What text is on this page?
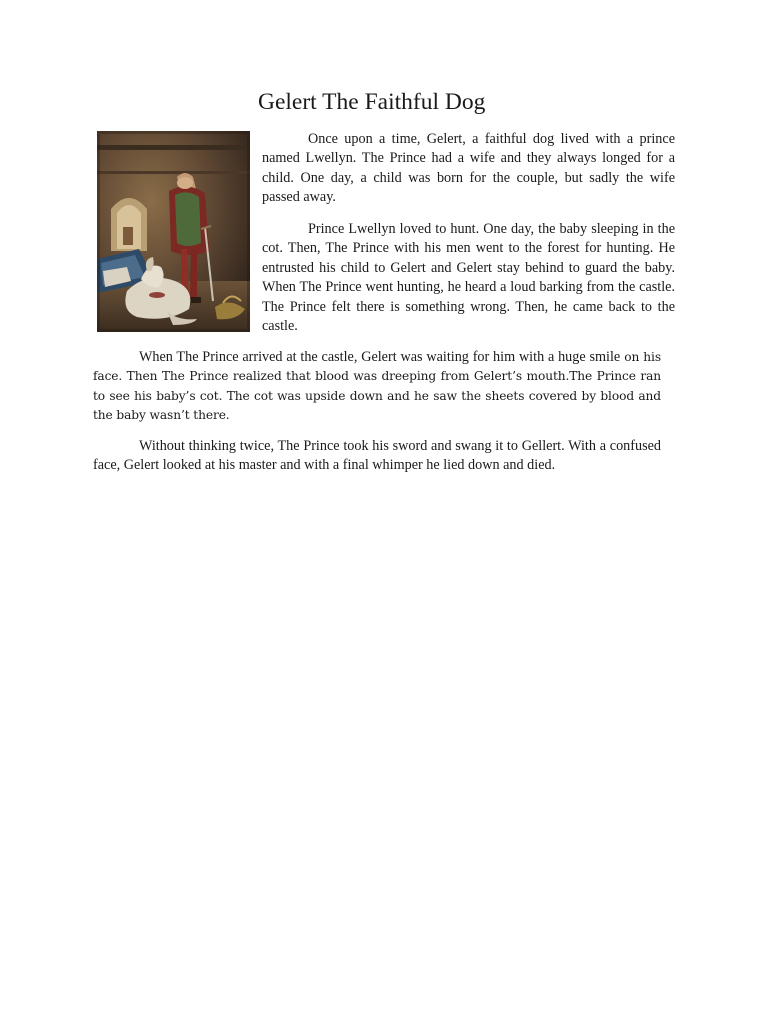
Gelert The Faithful Dog

Once upon a time, Gelert, a faithful dog lived with a prince named Lwellyn. The Prince had a wife and they always longed for a child. One day, a child was born for the couple, but sadly the wife passed away.

Prince Lwellyn loved to hunt. One day, the baby sleeping in the cot. Then, The Prince with his men went to the forest for hunting. He entrusted his child to Gelert and Gelert stay behind to guard the baby. When The Prince went hunting, he heard a loud barking from the castle. The Prince felt there is something wrong. Then, he came back to the castle.

When The Prince arrived at the castle, Gelert was waiting for him with a huge smile on his face. Then The Prince realized that blood was dreeping from Gelert’s mouth.The Prince ran to see his baby’s cot. The cot was upside down and he saw the sheets covered by blood and the baby wasn’t there.

Without thinking twice, The Prince took his sword and swang it to Gellert. With a confused face, Gelert looked at his master and with a final whimper he lied down and died.
